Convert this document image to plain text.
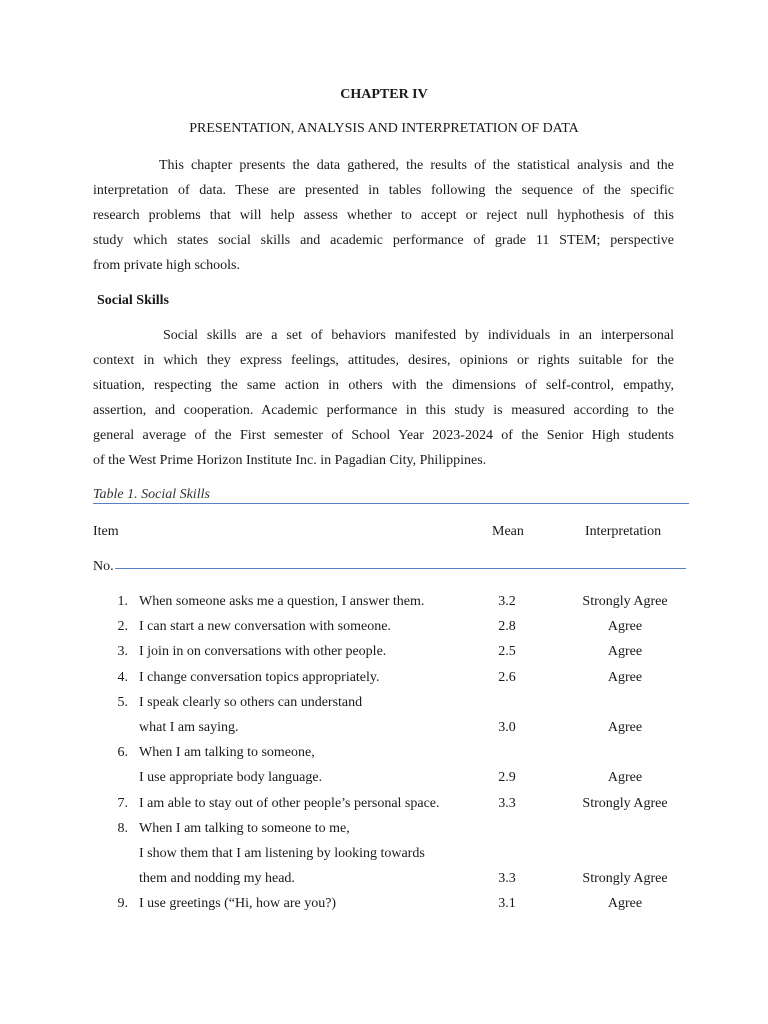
CHAPTER IV
PRESENTATION, ANALYSIS AND INTERPRETATION OF DATA
This chapter presents the data gathered, the results of the statistical analysis and the
interpretation of data. These are presented in tables following the sequence of the specific
research problems that will help assess whether to accept or reject null hyphothesis of this
study which states social skills and academic performance of grade 11 STEM; perspective
from private high schools.
Social Skills
Social skills are a set of behaviors manifested by individuals in an interpersonal
context in which they express feelings, attitudes, desires, opinions or rights suitable for the
situation, respecting the same action in others with the dimensions of self-control, empathy,
assertion, and cooperation. Academic performance in this study is measured according to the
general average of the First semester of School Year 2023-2024 of the Senior High students
of the West Prime Horizon Institute Inc. in Pagadian City, Philippines.
Table 1. Social Skills
Item	Mean	Interpretation
No.
1. When someone asks me a question, I answer them.	3.2	Strongly Agree
2. I can start a new conversation with someone.	2.8	Agree
3. I join in on conversations with other people.	2.5	Agree
4. I change conversation topics appropriately.	2.6	Agree
5. I speak clearly so others can understand
what I am saying.	3.0	Agree
6. When I am talking to someone,
I use appropriate body language.	2.9	Agree
7. I am able to stay out of other people’s personal space.	3.3	Strongly Agree
8. When I am talking to someone to me,
I show them that I am listening by looking towards
them and nodding my head.	3.3	Strongly Agree
9. I use greetings (“Hi, how are you?)	3.1	Agree
